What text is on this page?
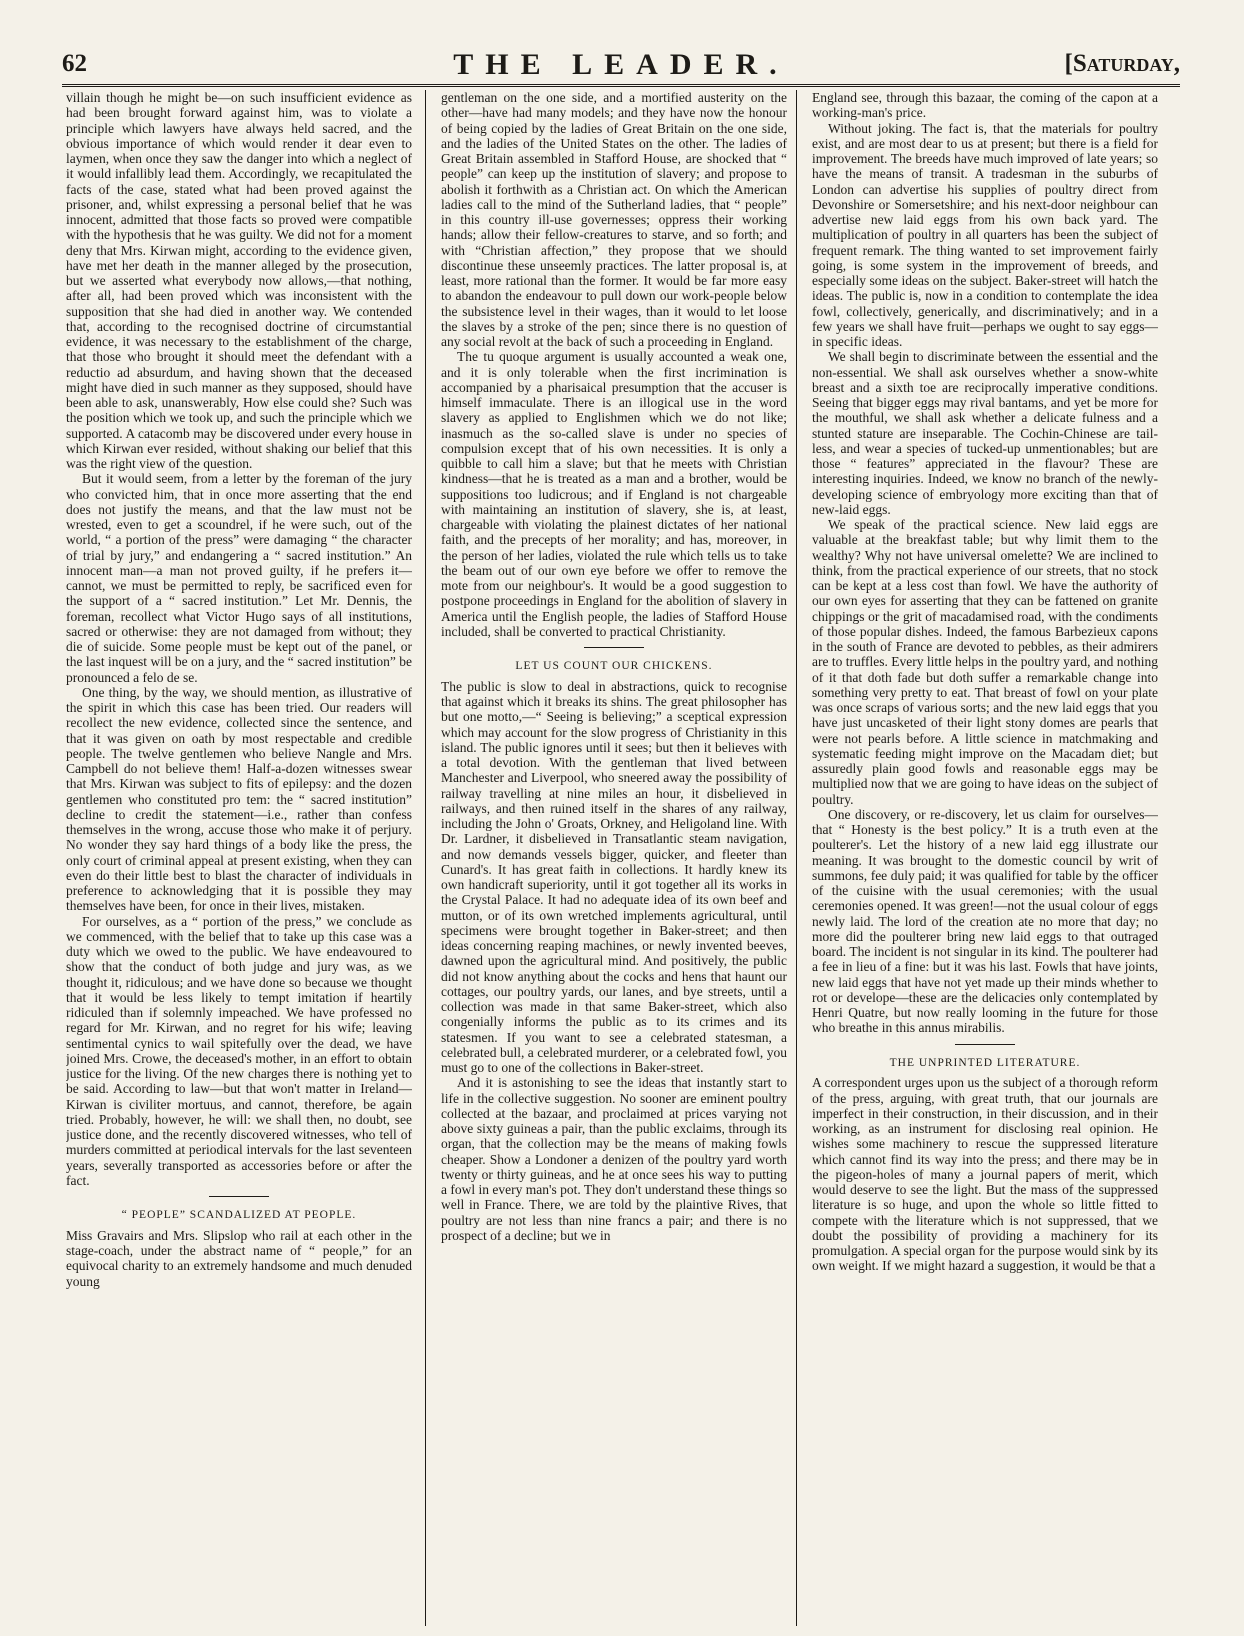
62	THE LEADER.	[Saturday,

villain though he might be—on such insufficient evidence as had been brought forward against him, was to violate a principle which lawyers have always held sacred, and the obvious importance of which would render it dear even to laymen, when once they saw the danger into which a neglect of it would infallibly lead them. Accordingly, we recapitulated the facts of the case, stated what had been proved against the prisoner, and, whilst expressing a personal belief that he was innocent, admitted that those facts so proved were compatible with the hypothesis that he was guilty. We did not for a moment deny that Mrs. Kirwan might, according to the evidence given, have met her death in the manner alleged by the prosecution, but we asserted what everybody now allows,—that nothing, after all, had been proved which was inconsistent with the supposition that she had died in another way. We contended that, according to the recognised doctrine of circumstantial evidence, it was necessary to the establishment of the charge, that those who brought it should meet the defendant with a reductio ad absurdum, and having shown that the deceased might have died in such manner as they supposed, should have been able to ask, unanswerably, How else could she? Such was the position which we took up, and such the principle which we supported. A catacomb may be discovered under every house in which Kirwan ever resided, without shaking our belief that this was the right view of the question.

But it would seem, from a letter by the foreman of the jury who convicted him, that in once more asserting that the end does not justify the means, and that the law must not be wrested, even to get a scoundrel, if he were such, out of the world, “ a portion of the press” were damaging “ the character of trial by jury,” and endangering a “ sacred institution.” An innocent man—a man not proved guilty, if he prefers it—cannot, we must be permitted to reply, be sacrificed even for the support of a “ sacred institution.” Let Mr. Dennis, the foreman, recollect what Victor Hugo says of all institutions, sacred or otherwise: they are not damaged from without; they die of suicide. Some people must be kept out of the panel, or the last inquest will be on a jury, and the “ sacred institution” be pronounced a felo de se.

One thing, by the way, we should mention, as illustrative of the spirit in which this case has been tried. Our readers will recollect the new evidence, collected since the sentence, and that it was given on oath by most respectable and credible people. The twelve gentlemen who believe Nangle and Mrs. Campbell do not believe them! Half-a-dozen witnesses swear that Mrs. Kirwan was subject to fits of epilepsy: and the dozen gentlemen who constituted pro tem: the “ sacred institution” decline to credit the statement—i.e., rather than confess themselves in the wrong, accuse those who make it of perjury. No wonder they say hard things of a body like the press, the only court of criminal appeal at present existing, when they can even do their little best to blast the character of individuals in preference to acknowledging that it is possible they may themselves have been, for once in their lives, mistaken.

For ourselves, as a “ portion of the press,” we conclude as we commenced, with the belief that to take up this case was a duty which we owed to the public. We have endeavoured to show that the conduct of both judge and jury was, as we thought it, ridiculous; and we have done so because we thought that it would be less likely to tempt imitation if heartily ridiculed than if solemnly impeached. We have professed no regard for Mr. Kirwan, and no regret for his wife; leaving sentimental cynics to wail spitefully over the dead, we have joined Mrs. Crowe, the deceased's mother, in an effort to obtain justice for the living. Of the new charges there is nothing yet to be said. According to law—but that won't matter in Ireland—Kirwan is civiliter mortuus, and cannot, therefore, be again tried. Probably, however, he will: we shall then, no doubt, see justice done, and the recently discovered witnesses, who tell of murders committed at periodical intervals for the last seventeen years, severally transported as accessories before or after the fact.

“ PEOPLE” SCANDALIZED AT PEOPLE.

Miss Gravairs and Mrs. Slipslop who rail at each other in the stage-coach, under the abstract name of “ people,” for an equivocal charity to an extremely handsome and much denuded young

gentleman on the one side, and a mortified austerity on the other—have had many models; and they have now the honour of being copied by the ladies of Great Britain on the one side, and the ladies of the United States on the other. The ladies of Great Britain assembled in Stafford House, are shocked that “ people” can keep up the institution of slavery; and propose to abolish it forthwith as a Christian act. On which the American ladies call to the mind of the Sutherland ladies, that “ people” in this country ill-use governesses; oppress their working hands; allow their fellow-creatures to starve, and so forth; and with “Christian affection,” they propose that we should discontinue these unseemly practices. The latter proposal is, at least, more rational than the former. It would be far more easy to abandon the endeavour to pull down our work-people below the subsistence level in their wages, than it would to let loose the slaves by a stroke of the pen; since there is no question of any social revolt at the back of such a proceeding in England.

The tu quoque argument is usually accounted a weak one, and it is only tolerable when the first incrimination is accompanied by a pharisaical presumption that the accuser is himself immaculate. There is an illogical use in the word slavery as applied to Englishmen which we do not like; inasmuch as the so-called slave is under no species of compulsion except that of his own necessities. It is only a quibble to call him a slave; but that he meets with Christian kindness—that he is treated as a man and a brother, would be suppositions too ludicrous; and if England is not chargeable with maintaining an institution of slavery, she is, at least, chargeable with violating the plainest dictates of her national faith, and the precepts of her morality; and has, moreover, in the person of her ladies, violated the rule which tells us to take the beam out of our own eye before we offer to remove the mote from our neighbour's. It would be a good suggestion to postpone proceedings in England for the abolition of slavery in America until the English people, the ladies of Stafford House included, shall be converted to practical Christianity.

LET US COUNT OUR CHICKENS.

The public is slow to deal in abstractions, quick to recognise that against which it breaks its shins. The great philosopher has but one motto,—“ Seeing is believing;” a sceptical expression which may account for the slow progress of Christianity in this island. The public ignores until it sees; but then it believes with a total devotion. With the gentleman that lived between Manchester and Liverpool, who sneered away the possibility of railway travelling at nine miles an hour, it disbelieved in railways, and then ruined itself in the shares of any railway, including the John o' Groats, Orkney, and Heligoland line. With Dr. Lardner, it disbelieved in Transatlantic steam navigation, and now demands vessels bigger, quicker, and fleeter than Cunard's. It has great faith in collections. It hardly knew its own handicraft superiority, until it got together all its works in the Crystal Palace. It had no adequate idea of its own beef and mutton, or of its own wretched implements agricultural, until specimens were brought together in Baker-street; and then ideas concerning reaping machines, or newly invented beeves, dawned upon the agricultural mind. And positively, the public did not know anything about the cocks and hens that haunt our cottages, our poultry yards, our lanes, and bye streets, until a collection was made in that same Baker-street, which also congenially informs the public as to its crimes and its statesmen. If you want to see a celebrated statesman, a celebrated bull, a celebrated murderer, or a celebrated fowl, you must go to one of the collections in Baker-street.

And it is astonishing to see the ideas that instantly start to life in the collective suggestion. No sooner are eminent poultry collected at the bazaar, and proclaimed at prices varying not above sixty guineas a pair, than the public exclaims, through its organ, that the collection may be the means of making fowls cheaper. Show a Londoner a denizen of the poultry yard worth twenty or thirty guineas, and he at once sees his way to putting a fowl in every man's pot. They don't understand these things so well in France. There, we are told by the plaintive Rives, that poultry are not less than nine francs a pair; and there is no prospect of a decline; but we in

England see, through this bazaar, the coming of the capon at a working-man's price.

Without joking. The fact is, that the materials for poultry exist, and are most dear to us at present; but there is a field for improvement. The breeds have much improved of late years; so have the means of transit. A tradesman in the suburbs of London can advertise his supplies of poultry direct from Devonshire or Somersetshire; and his next-door neighbour can advertise new laid eggs from his own back yard. The multiplication of poultry in all quarters has been the subject of frequent remark. The thing wanted to set improvement fairly going, is some system in the improvement of breeds, and especially some ideas on the subject. Baker-street will hatch the ideas. The public is, now in a condition to contemplate the idea fowl, collectively, generically, and discriminatively; and in a few years we shall have fruit—perhaps we ought to say eggs—in specific ideas.

We shall begin to discriminate between the essential and the non-essential. We shall ask ourselves whether a snow-white breast and a sixth toe are reciprocally imperative conditions. Seeing that bigger eggs may rival bantams, and yet be more for the mouthful, we shall ask whether a delicate fulness and a stunted stature are inseparable. The Cochin-Chinese are tail-less, and wear a species of tucked-up unmentionables; but are those “ features” appreciated in the flavour? These are interesting inquiries. Indeed, we know no branch of the newly-developing science of embryology more exciting than that of new-laid eggs.

We speak of the practical science. New laid eggs are valuable at the breakfast table; but why limit them to the wealthy? Why not have universal omelette? We are inclined to think, from the practical experience of our streets, that no stock can be kept at a less cost than fowl. We have the authority of our own eyes for asserting that they can be fattened on granite chippings or the grit of macadamised road, with the condiments of those popular dishes. Indeed, the famous Barbezieux capons in the south of France are devoted to pebbles, as their admirers are to truffles. Every little helps in the poultry yard, and nothing of it that doth fade but doth suffer a remarkable change into something very pretty to eat. That breast of fowl on your plate was once scraps of various sorts; and the new laid eggs that you have just uncasketed of their light stony domes are pearls that were not pearls before. A little science in matchmaking and systematic feeding might improve on the Macadam diet; but assuredly plain good fowls and reasonable eggs may be multiplied now that we are going to have ideas on the subject of poultry.

One discovery, or re-discovery, let us claim for ourselves—that “ Honesty is the best policy.” It is a truth even at the poulterer's. Let the history of a new laid egg illustrate our meaning. It was brought to the domestic council by writ of summons, fee duly paid; it was qualified for table by the officer of the cuisine with the usual ceremonies; with the usual ceremonies opened. It was green!—not the usual colour of eggs newly laid. The lord of the creation ate no more that day; no more did the poulterer bring new laid eggs to that outraged board. The incident is not singular in its kind. The poulterer had a fee in lieu of a fine: but it was his last. Fowls that have joints, new laid eggs that have not yet made up their minds whether to rot or develope—these are the delicacies only contemplated by Henri Quatre, but now really looming in the future for those who breathe in this annus mirabilis.

THE UNPRINTED LITERATURE.

A correspondent urges upon us the subject of a thorough reform of the press, arguing, with great truth, that our journals are imperfect in their construction, in their discussion, and in their working, as an instrument for disclosing real opinion. He wishes some machinery to rescue the suppressed literature which cannot find its way into the press; and there may be in the pigeon-holes of many a journal papers of merit, which would deserve to see the light. But the mass of the suppressed literature is so huge, and upon the whole so little fitted to compete with the literature which is not suppressed, that we doubt the possibility of providing a machinery for its promulgation. A special organ for the purpose would sink by its own weight. If we might hazard a suggestion, it would be that a
